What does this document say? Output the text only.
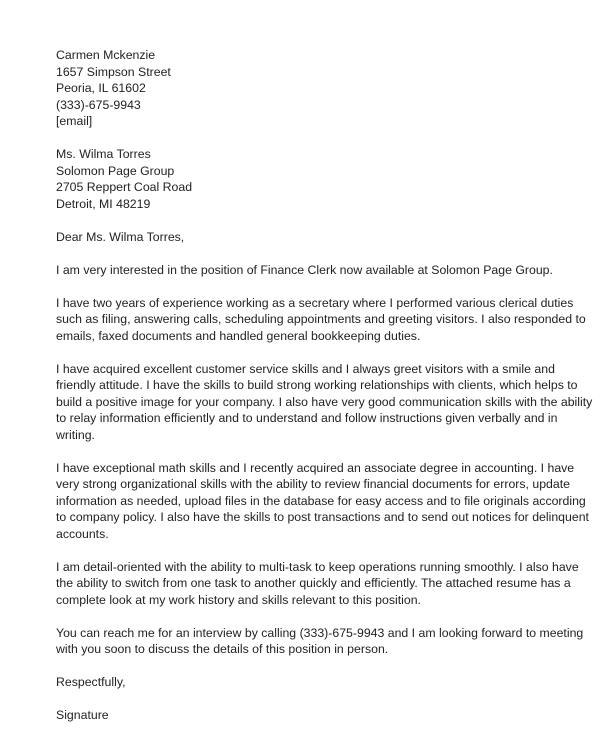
Carmen Mckenzie
1657 Simpson Street
Peoria, IL 61602
(333)-675-9943
[email]
Ms. Wilma Torres
Solomon Page Group
2705 Reppert Coal Road
Detroit, MI 48219
Dear Ms. Wilma Torres,
I am very interested in the position of Finance Clerk now available at Solomon Page Group.
I have two years of experience working as a secretary where I performed various clerical duties
such as filing, answering calls, scheduling appointments and greeting visitors. I also responded to
emails, faxed documents and handled general bookkeeping duties.
I have acquired excellent customer service skills and I always greet visitors with a smile and
friendly attitude. I have the skills to build strong working relationships with clients, which helps to
build a positive image for your company. I also have very good communication skills with the ability
to relay information efficiently and to understand and follow instructions given verbally and in
writing.
I have exceptional math skills and I recently acquired an associate degree in accounting. I have
very strong organizational skills with the ability to review financial documents for errors, update
information as needed, upload files in the database for easy access and to file originals according
to company policy. I also have the skills to post transactions and to send out notices for delinquent
accounts.
I am detail-oriented with the ability to multi-task to keep operations running smoothly. I also have
the ability to switch from one task to another quickly and efficiently. The attached resume has a
complete look at my work history and skills relevant to this position.
You can reach me for an interview by calling (333)-675-9943 and I am looking forward to meeting
with you soon to discuss the details of this position in person.
Respectfully,
Signature
